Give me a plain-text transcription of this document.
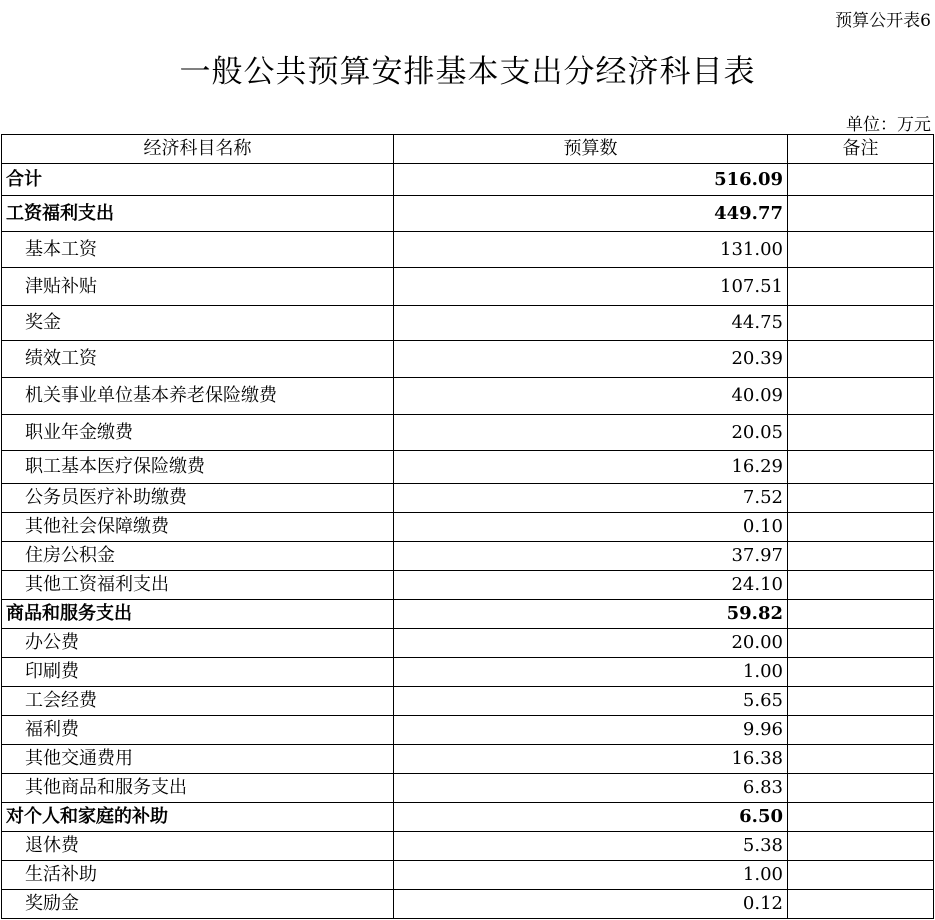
预算公开表6
一般公共预算安排基本支出分经济科目表
单位：万元
经济科目名称	预算数	备注
合计	516.09	
工资福利支出	449.77	
基本工资	131.00	
津贴补贴	107.51	
奖金	44.75	
绩效工资	20.39	
机关事业单位基本养老保险缴费	40.09	
职业年金缴费	20.05	
职工基本医疗保险缴费	16.29	
公务员医疗补助缴费	7.52	
其他社会保障缴费	0.10	
住房公积金	37.97	
其他工资福利支出	24.10	
商品和服务支出	59.82	
办公费	20.00	
印刷费	1.00	
工会经费	5.65	
福利费	9.96	
其他交通费用	16.38	
其他商品和服务支出	6.83	
对个人和家庭的补助	6.50	
退休费	5.38	
生活补助	1.00	
奖励金	0.12	
